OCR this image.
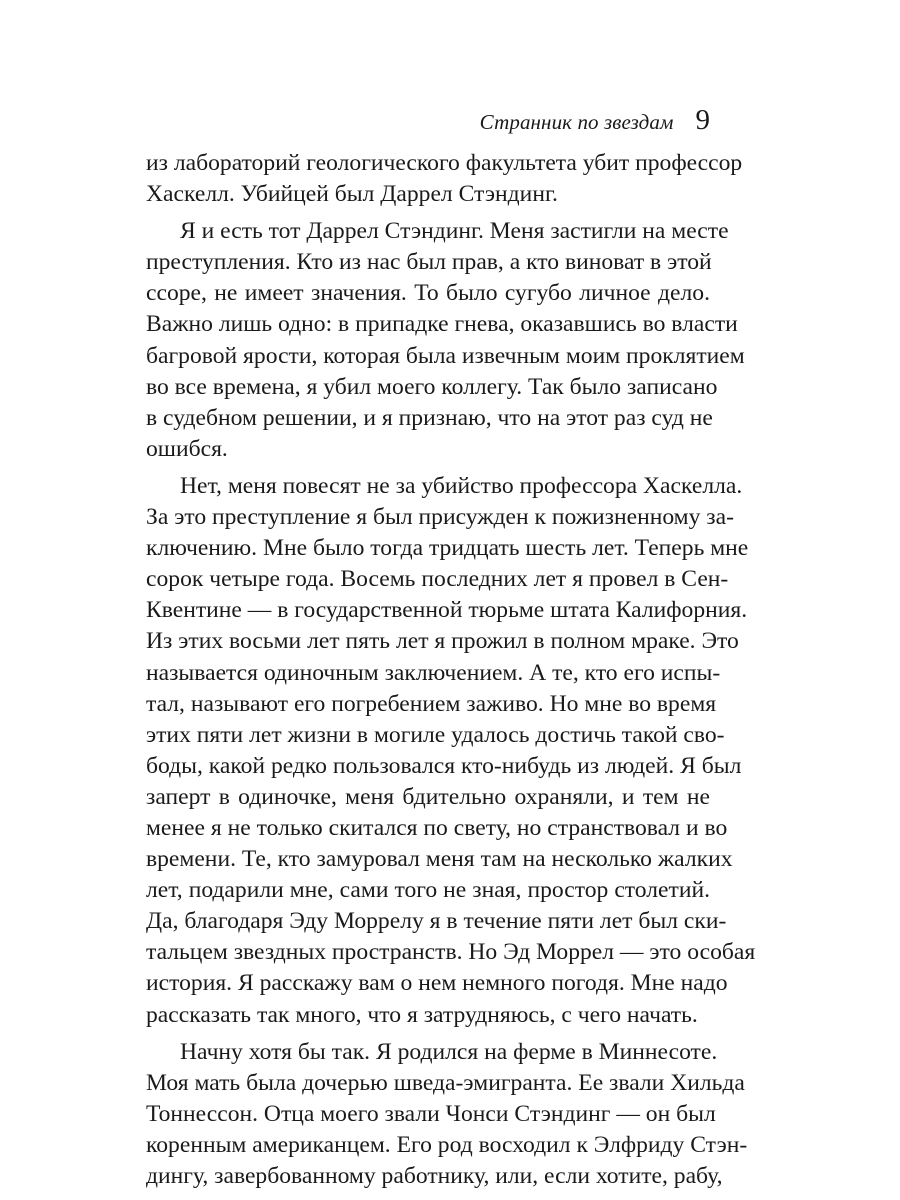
Странник по звездам 9
из лабораторий геологического факультета убит профессор
Хаскелл. Убийцей был Даррел Стэндинг.
Я и есть тот Даррел Стэндинг. Меня застигли на месте
преступления. Кто из нас был прав, а кто виноват в этой
ссоре, не имеет значения. То было сугубо личное дело.
Важно лишь одно: в припадке гнева, оказавшись во власти
багровой ярости, которая была извечным моим проклятием
во все времена, я убил моего коллегу. Так было записано
в судебном решении, и я признаю, что на этот раз суд не
ошибся.
Нет, меня повесят не за убийство профессора Хаскелла.
За это преступление я был присужден к пожизненному за-
ключению. Мне было тогда тридцать шесть лет. Теперь мне
сорок четыре года. Восемь последних лет я провел в Сен-
Квентине — в государственной тюрьме штата Калифорния.
Из этих восьми лет пять лет я прожил в полном мраке. Это
называется одиночным заключением. А те, кто его испы-
тал, называют его погребением заживо. Но мне во время
этих пяти лет жизни в могиле удалось достичь такой сво-
боды, какой редко пользовался кто-нибудь из людей. Я был
заперт в одиночке, меня бдительно охраняли, и тем не
менее я не только скитался по свету, но странствовал и во
времени. Те, кто замуровал меня там на несколько жалких
лет, подарили мне, сами того не зная, простор столетий.
Да, благодаря Эду Моррелу я в течение пяти лет был ски-
тальцем звездных пространств. Но Эд Моррел — это особая
история. Я расскажу вам о нем немного погодя. Мне надо
рассказать так много, что я затрудняюсь, с чего начать.
Начну хотя бы так. Я родился на ферме в Миннесоте.
Моя мать была дочерью шведа-эмигранта. Ее звали Хильда
Тоннессон. Отца моего звали Чонси Стэндинг — он был
коренным американцем. Его род восходил к Элфриду Стэн-
дингу, завербованному работнику, или, если хотите, рабу,
